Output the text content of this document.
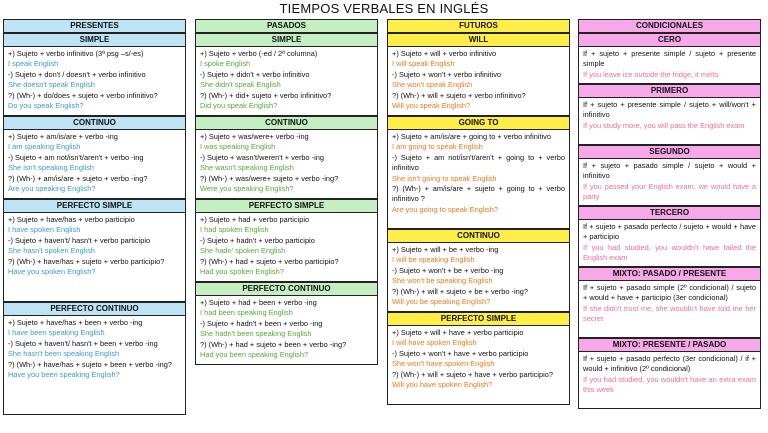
TIEMPOS VERBALES EN INGLÉS
PRESENTES
SIMPLE

+) Sujeto + verbo infinitivo (3ª psg –s/-es)

I speak English

-) Sujeto + don't / doesn't + verbo infinitivo

She doesn't speak English

?) (Wh-) + do/does + sujeto + verbo infinitivo?

Do you speak English?

CONTINUO

+) Sujeto + am/is/are + verbo -ing

I am speaking English

-) Sujeto + am not/isn't/aren't + verbo -ing

She isn't speaking English

?) (Wh-) + am/is/are + sujeto + verbo -ing?

Are you speaking English?

PERFECTO SIMPLE

+) Sujeto + have/has + verbo participio

I have spoken English

-) Sujeto + haven't/ hasn't + verbo participio

She hasn't spoken English

?) (Wh-) + have/has + sujeto + verbo participio?

Have you spoken English?

PERFECTO CONTINUO

+) Sujeto + have/has + been + verbo -ing

I have been speaking English

-) Sujeto + haven't/ hasn't + been + verbo -ing

She hasn't been speaking English

?) (Wh-) + have/has + sujeto + been + verbo -ing?

Have you been speaking English?

PASADOS
SIMPLE

+) Sujeto + verbo (-ed / 2ª columna)

I spoke English

-) Sujeto + didn't + verbo infinitivo

She didn't speak English

?) (Wh-) + did+ sujeto + verbo infinitivo?

Did you speak English?

CONTINUO

+) Sujeto + was/were+ verbo -ing

I was speaking English

-) Sujeto + wasn't/weren't + verbo -ing

She wasn't speaking English

?) (Wh-) + was/were+ sujeto + verbo -ing?

Were you speaking English?

PERFECTO SIMPLE

+) Sujeto + had + verbo participio

I had spoken English

-) Sujeto + hadn't + verbo participio

She hadn' spoken English

?) (Wh-) + had + sujeto + verbo participio?

Had you spoken English?

PERFECTO CONTINUO

+) Sujeto + had + been + verbo -ing

I had been speaking English

-) Sujeto + hadn't + been + verbo -ing

She hadn't been speaking English

?) (Wh-) + had + sujeto + been + verbo -ing?

Had you been speaking English?

FUTUROS
WILL

+) Sujeto + will + verbo infinitivo

I will speak English

-) Sujeto + won't + verbo infinitivo

She won't speak English

?) (Wh-) + will + sujeto + verbo infinitivo?

Will you speak English?

GOING TO

+) Sujeto + am/is/are + going to + verbo infinitivo

I am going to speak English

-) Sujeto + am not/isn't/aren't + going to + verbo infinitivo

She isn't going to speak English

?) (Wh-) + am/is/are + sujeto + going to + verbo infinitivo ?

Are you going to speak English?

CONTINUO

+) Sujeto + will + be + verbo -ing

I will be speaking English

-) Sujeto + won't + be + verbo -ing

She won't be speaking English

?) (Wh-) + will + sujeto + be + verbo -ing?

Will you be speaking English?

PERFECTO SIMPLE

+) Sujeto + will + have + verbo participio

I will have spoken English

-) Sujeto + won't + have + verbo participio

She won't have spoken English

?) (Wh-) + will + sujeto + have + verbo participio?

Will you have spoken English?

CONDICIONALES
CERO

If + sujeto + presente simple / sujeto + presente simple

If you leave ice outside the fridge, it melts

PRIMERO

If + sujeto + presente simple / sujeto + will/won't + infinitivo

If you study more, you will pass the English exam

SEGUNDO

If + sujeto + pasado simple / sujeto + would + infinitivo

If you passed your English exam, we would have a party

TERCERO

If + sujeto + pasado perfecto / sujeto + would + have + participio

If you had studied, you wouldn't have failed the English exam

MIXTO: PASADO / PRESENTE

If + sujeto + pasado simple (2º condicional) / sujeto + would + have + participio (3er condicional)

If she didn't trust me, she wouldn't have told me her secret

MIXTO: PRESENTE / PASADO

If + sujeto + pasado perfecto (3er condicional) / if + would + infinitivo (2º condicional)

If you had studied, you wouldn't have an extra exam this week
